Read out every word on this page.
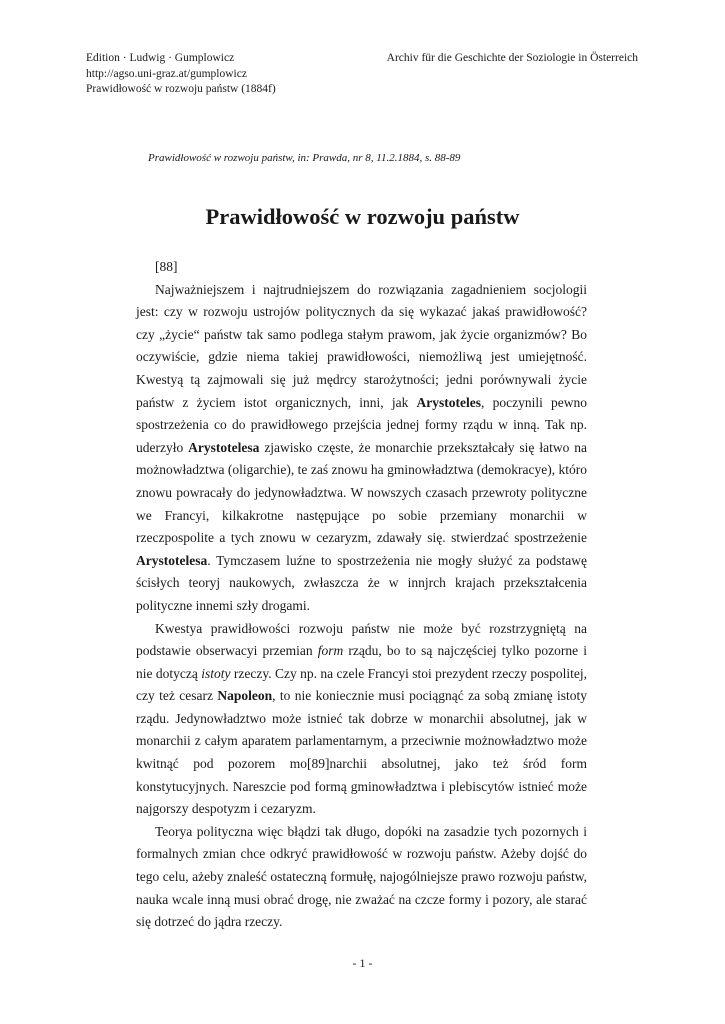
Edition · Ludwig · Gumplowicz
http://agso.uni-graz.at/gumplowicz
Prawidłowość w rozwoju państw (1884f)
Archiv für die Geschichte der Soziologie in Österreich
Prawidłowość w rozwoju państw, in: Prawda, nr 8, 11.2.1884, s. 88-89
Prawidłowość w rozwoju państw

[88]

Najważniejszem i najtrudniejszem do rozwiązania zagadnieniem socjologii jest: czy w rozwoju ustrojów politycznych da się wykazać jakaś prawidłowość? czy „życie“ państw tak samo podlega stałym prawom, jak życie organizmów? Bo oczywiście, gdzie niema takiej prawidłowości, niemożliwą jest umiejętność. Kwestyą tą zajmowali się już mędrcy starożytności; jedni porównywali życie państw z życiem istot organicznych, inni, jak Arystoteles, poczynili pewno spostrzeżenia co do prawidłowego przejścia jednej formy rządu w inną. Tak np. uderzyło Arystotelesa zjawisko częste, że monarchie przekształcały się łatwo na możnowładztwa (oligarchie), te zaś znowu ha gminowładztwa (demokracye), któro znowu powracały do jedynowładztwa. W nowszych czasach przewroty polityczne we Francyi, kilkakrotne następujące po sobie przemiany monarchii w rzeczpospolite a tych znowu w cezaryzm, zdawały się. stwierdzać spostrzeżenie Arystotelesa. Tymczasem luźne to spostrzeżenia nie mogły służyć za podstawę ścisłych teoryj naukowych, zwłaszcza że w innjrch krajach przekształcenia polityczne innemi szły drogami.

Kwestya prawidłowości rozwoju państw nie może być rozstrzygniętą na podstawie obserwacyi przemian form rządu, bo to są najczęściej tylko pozorne i nie dotyczą istoty rzeczy. Czy np. na czele Francyi stoi prezydent rzeczy pospolitej, czy też cesarz Napoleon, to nie koniecznie musi pociągnąć za sobą zmianę istoty rządu. Jedynowładztwo może istnieć tak dobrze w monarchii absolutnej, jak w monarchii z całym aparatem parlamentarnym, a przeciwnie możnowładztwo może kwitnąć pod pozorem mo[89]narchii absolutnej, jako też śród form konstytucyjnych. Nareszcie pod formą gminowładztwa i plebiscytów istnieć może najgorszy despotyzm i cezaryzm.

Teorya polityczna więc błądzi tak długo, dopóki na zasadzie tych pozornych i formalnych zmian chce odkryć prawidłowość w rozwoju państw. Ażeby dojść do tego celu, ażeby znaleść ostateczną formułę, najogólniejsze prawo rozwoju państw, nauka wcale inną musi obrać drogę, nie zważać na czcze formy i pozory, ale starać się dotrzeć do jądra rzeczy.

- 1 -
